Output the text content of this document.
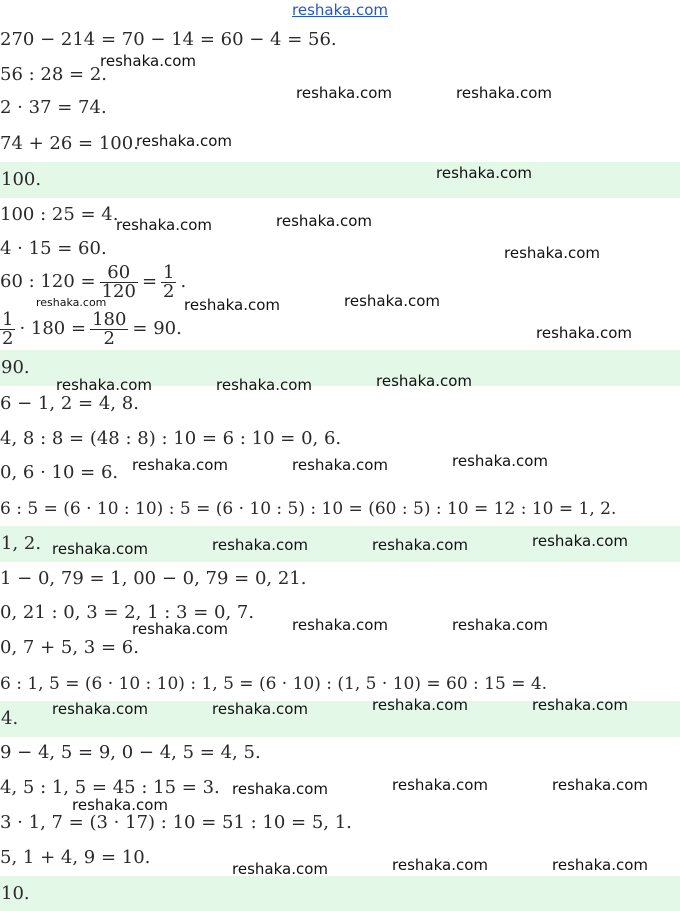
reshaka.com
270 − 214 = 70 − 14 = 60 − 4 = 56.
56 : 28 = 2.
2 · 37 = 74.
74 + 26 = 100.
100.
100 : 25 = 4.
4 · 15 = 60.
60 : $120 = \frac{60}{120} = \frac{1}{2}$ .
$\frac{1}{2} \cdot 180 = \frac{180}{2} = 90$.
90.
6 − 1, 2 = 4, 8.
4, 8 : 8 = (48 : 8) : 10 = 6 : 10 = 0, 6.
0, 6 · 10 = 6.
6 : 5 = (6 · 10 : 10) : 5 = (6 · 10 : 5) : 10 = (60 : 5) : 10 = 12 : 10 = 1, 2.
1, 2.
1 − 0, 79 = 1, 00 − 0, 79 = 0, 21.
0, 21 : 0, 3 = 2, 1 : 3 = 0, 7.
0, 7 + 5, 3 = 6.
6 : 1, 5 = (6 · 10 : 10) : 1, 5 = (6 · 10) : (1, 5 · 10) = 60 : 15 = 4.
4.
9 − 4, 5 = 9, 0 − 4, 5 = 4, 5.
4, 5 : 1, 5 = 45 : 15 = 3.
3 · 1, 7 = (3 · 17) : 10 = 51 : 10 = 5, 1.
5, 1 + 4, 9 = 10.
10.
reshaka.com
reshaka.com	reshaka.com
reshaka.com
reshaka.com
reshaka.com	reshaka.com
reshaka.com
reshaka.com	reshaka.com	reshaka.com
reshaka.com
reshaka.com	reshaka.com	reshaka.com
reshaka.com	reshaka.com	reshaka.com
reshaka.com	reshaka.com	reshaka.com	reshaka.com
reshaka.com	reshaka.com	reshaka.com
reshaka.com	reshaka.com	reshaka.com	reshaka.com
reshaka.com	reshaka.com	reshaka.com
reshaka.com
reshaka.com	reshaka.com	reshaka.com
